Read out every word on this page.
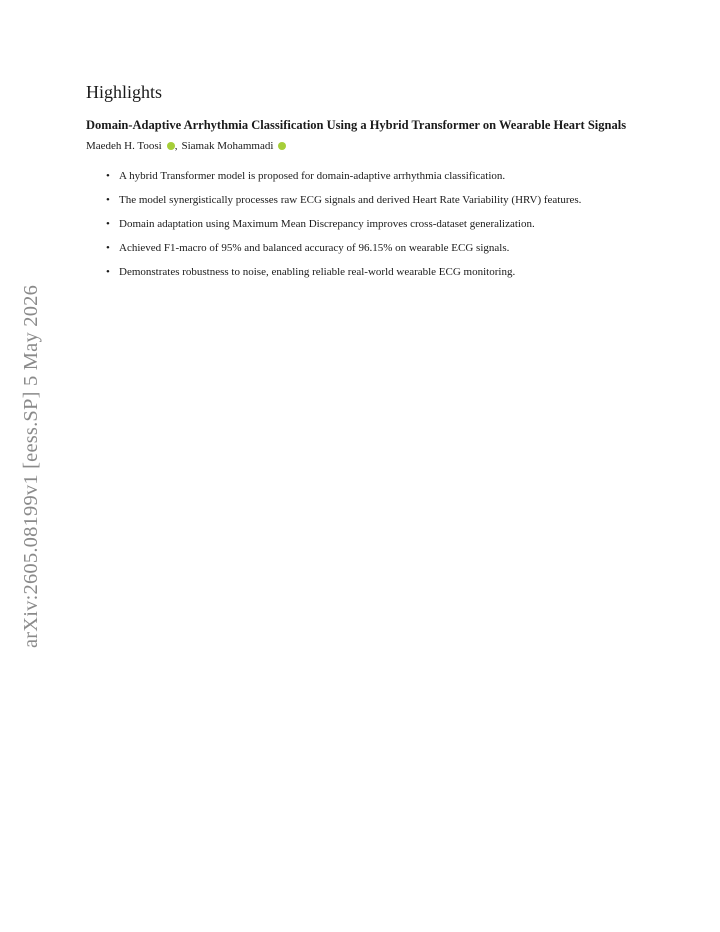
arXiv:2605.08199v1 [eess.SP] 5 May 2026
Highlights
Domain-Adaptive Arrhythmia Classification Using a Hybrid Transformer on Wearable Heart Signals
Maedeh H. Toosi , Siamak Mohammadi
• A hybrid Transformer model is proposed for domain-adaptive arrhythmia classification.
• The model synergistically processes raw ECG signals and derived Heart Rate Variability (HRV) features.
• Domain adaptation using Maximum Mean Discrepancy improves cross-dataset generalization.
• Achieved F1-macro of 95% and balanced accuracy of 96.15% on wearable ECG signals.
• Demonstrates robustness to noise, enabling reliable real-world wearable ECG monitoring.
